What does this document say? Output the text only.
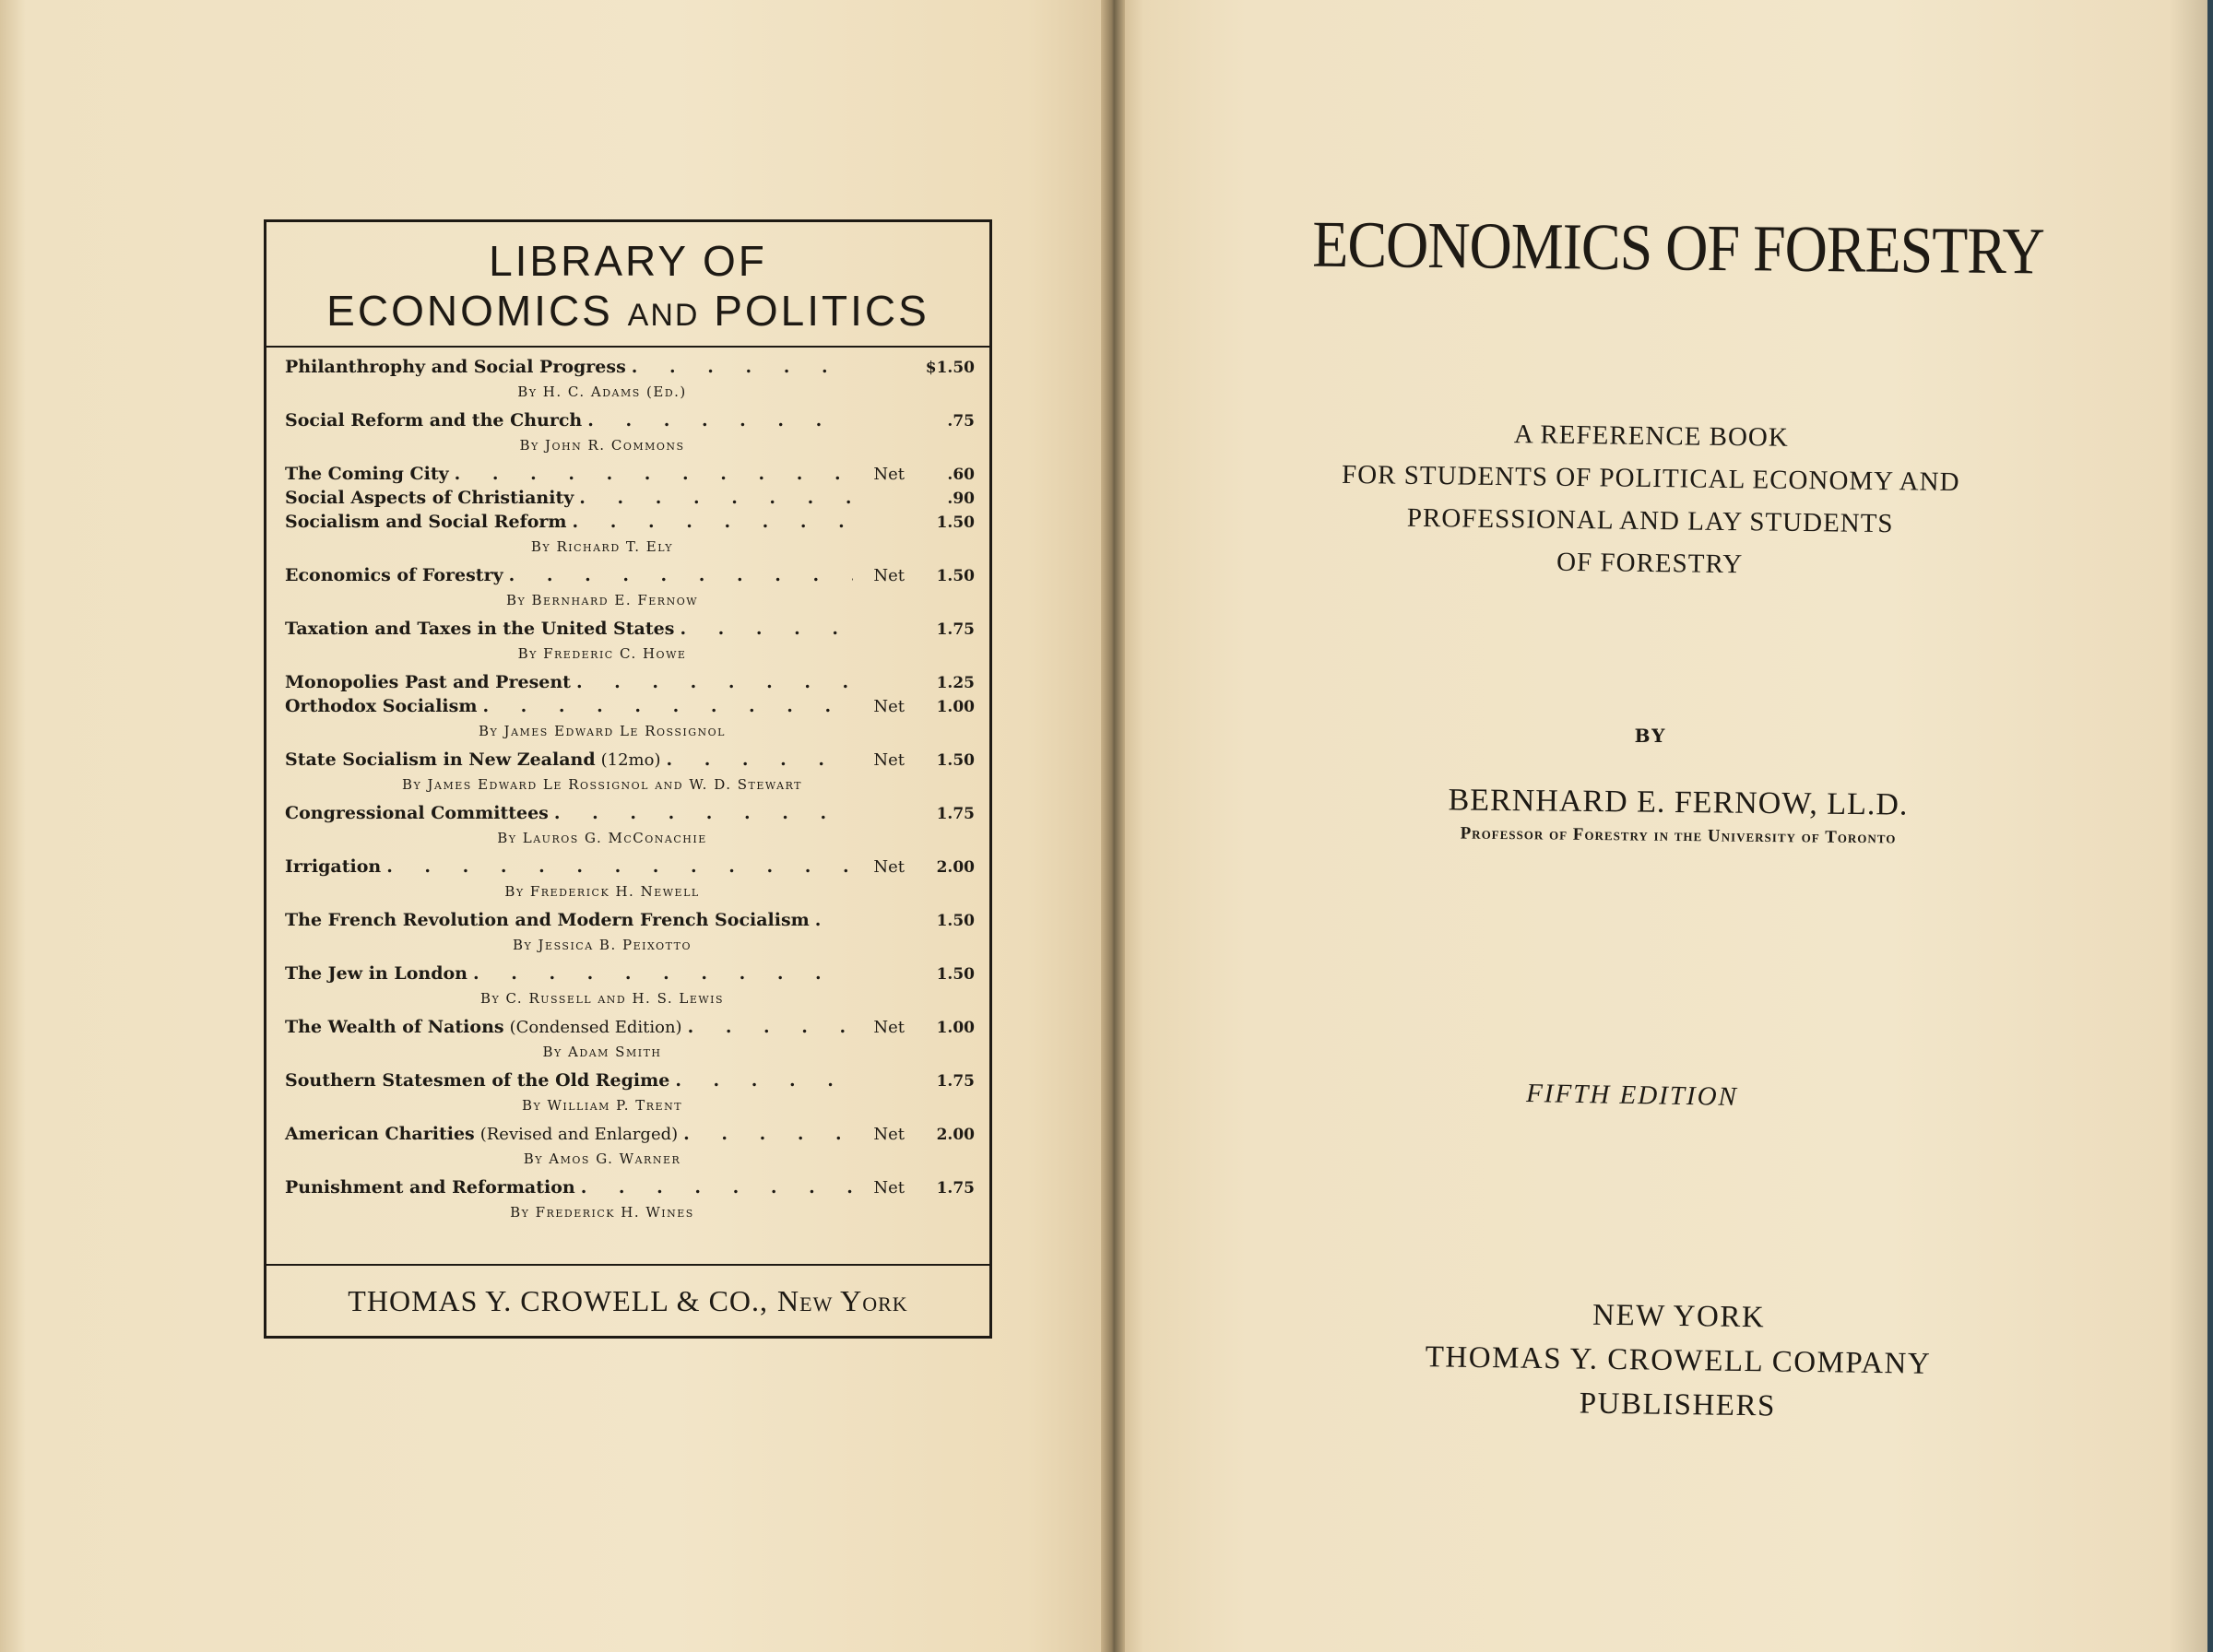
LIBRARY OF
ECONOMICS AND POLITICS
Philanthrophy and Social Progress . . .	$1.50
By H. C. Adams (Ed.)
Social Reform and the Church . . .	.75
By John R. Commons
The Coming City . . .	Net	.60
Social Aspects of Christianity . . .	.90
Socialism and Social Reform . . .	1.50
By Richard T. Ely
Economics of Forestry . . .	Net	1.50
By Bernhard E. Fernow
Taxation and Taxes in the United States . . .	1.75
By Frederic C. Howe
Monopolies Past and Present . . .	1.25
Orthodox Socialism . . .	Net	1.00
By James Edward Le Rossignol
State Socialism in New Zealand (12mo) . . .	Net	1.50
By James Edward Le Rossignol and W. D. Stewart
Congressional Committees . . .	1.75
By Lauros G. McConachie
Irrigation . . .	Net	2.00
By Frederick H. Newell
The French Revolution and Modern French Socialism . . .	1.50
By Jessica B. Peixotto
The Jew in London . . .	1.50
By C. Russell and H. S. Lewis
The Wealth of Nations (Condensed Edition) . . .	Net	1.00
By Adam Smith
Southern Statesmen of the Old Regime . . .	1.75
By William P. Trent
American Charities (Revised and Enlarged) . . .	Net	2.00
By Amos G. Warner
Punishment and Reformation . . .	Net	1.75
By Frederick H. Wines
THOMAS Y. CROWELL & CO., New York
ECONOMICS OF FORESTRY
A REFERENCE BOOK
FOR STUDENTS OF POLITICAL ECONOMY AND
PROFESSIONAL AND LAY STUDENTS
OF FORESTRY
BY
BERNHARD E. FERNOW, LL.D.
Professor of Forestry in the University of Toronto
FIFTH EDITION
NEW YORK
THOMAS Y. CROWELL COMPANY
PUBLISHERS
